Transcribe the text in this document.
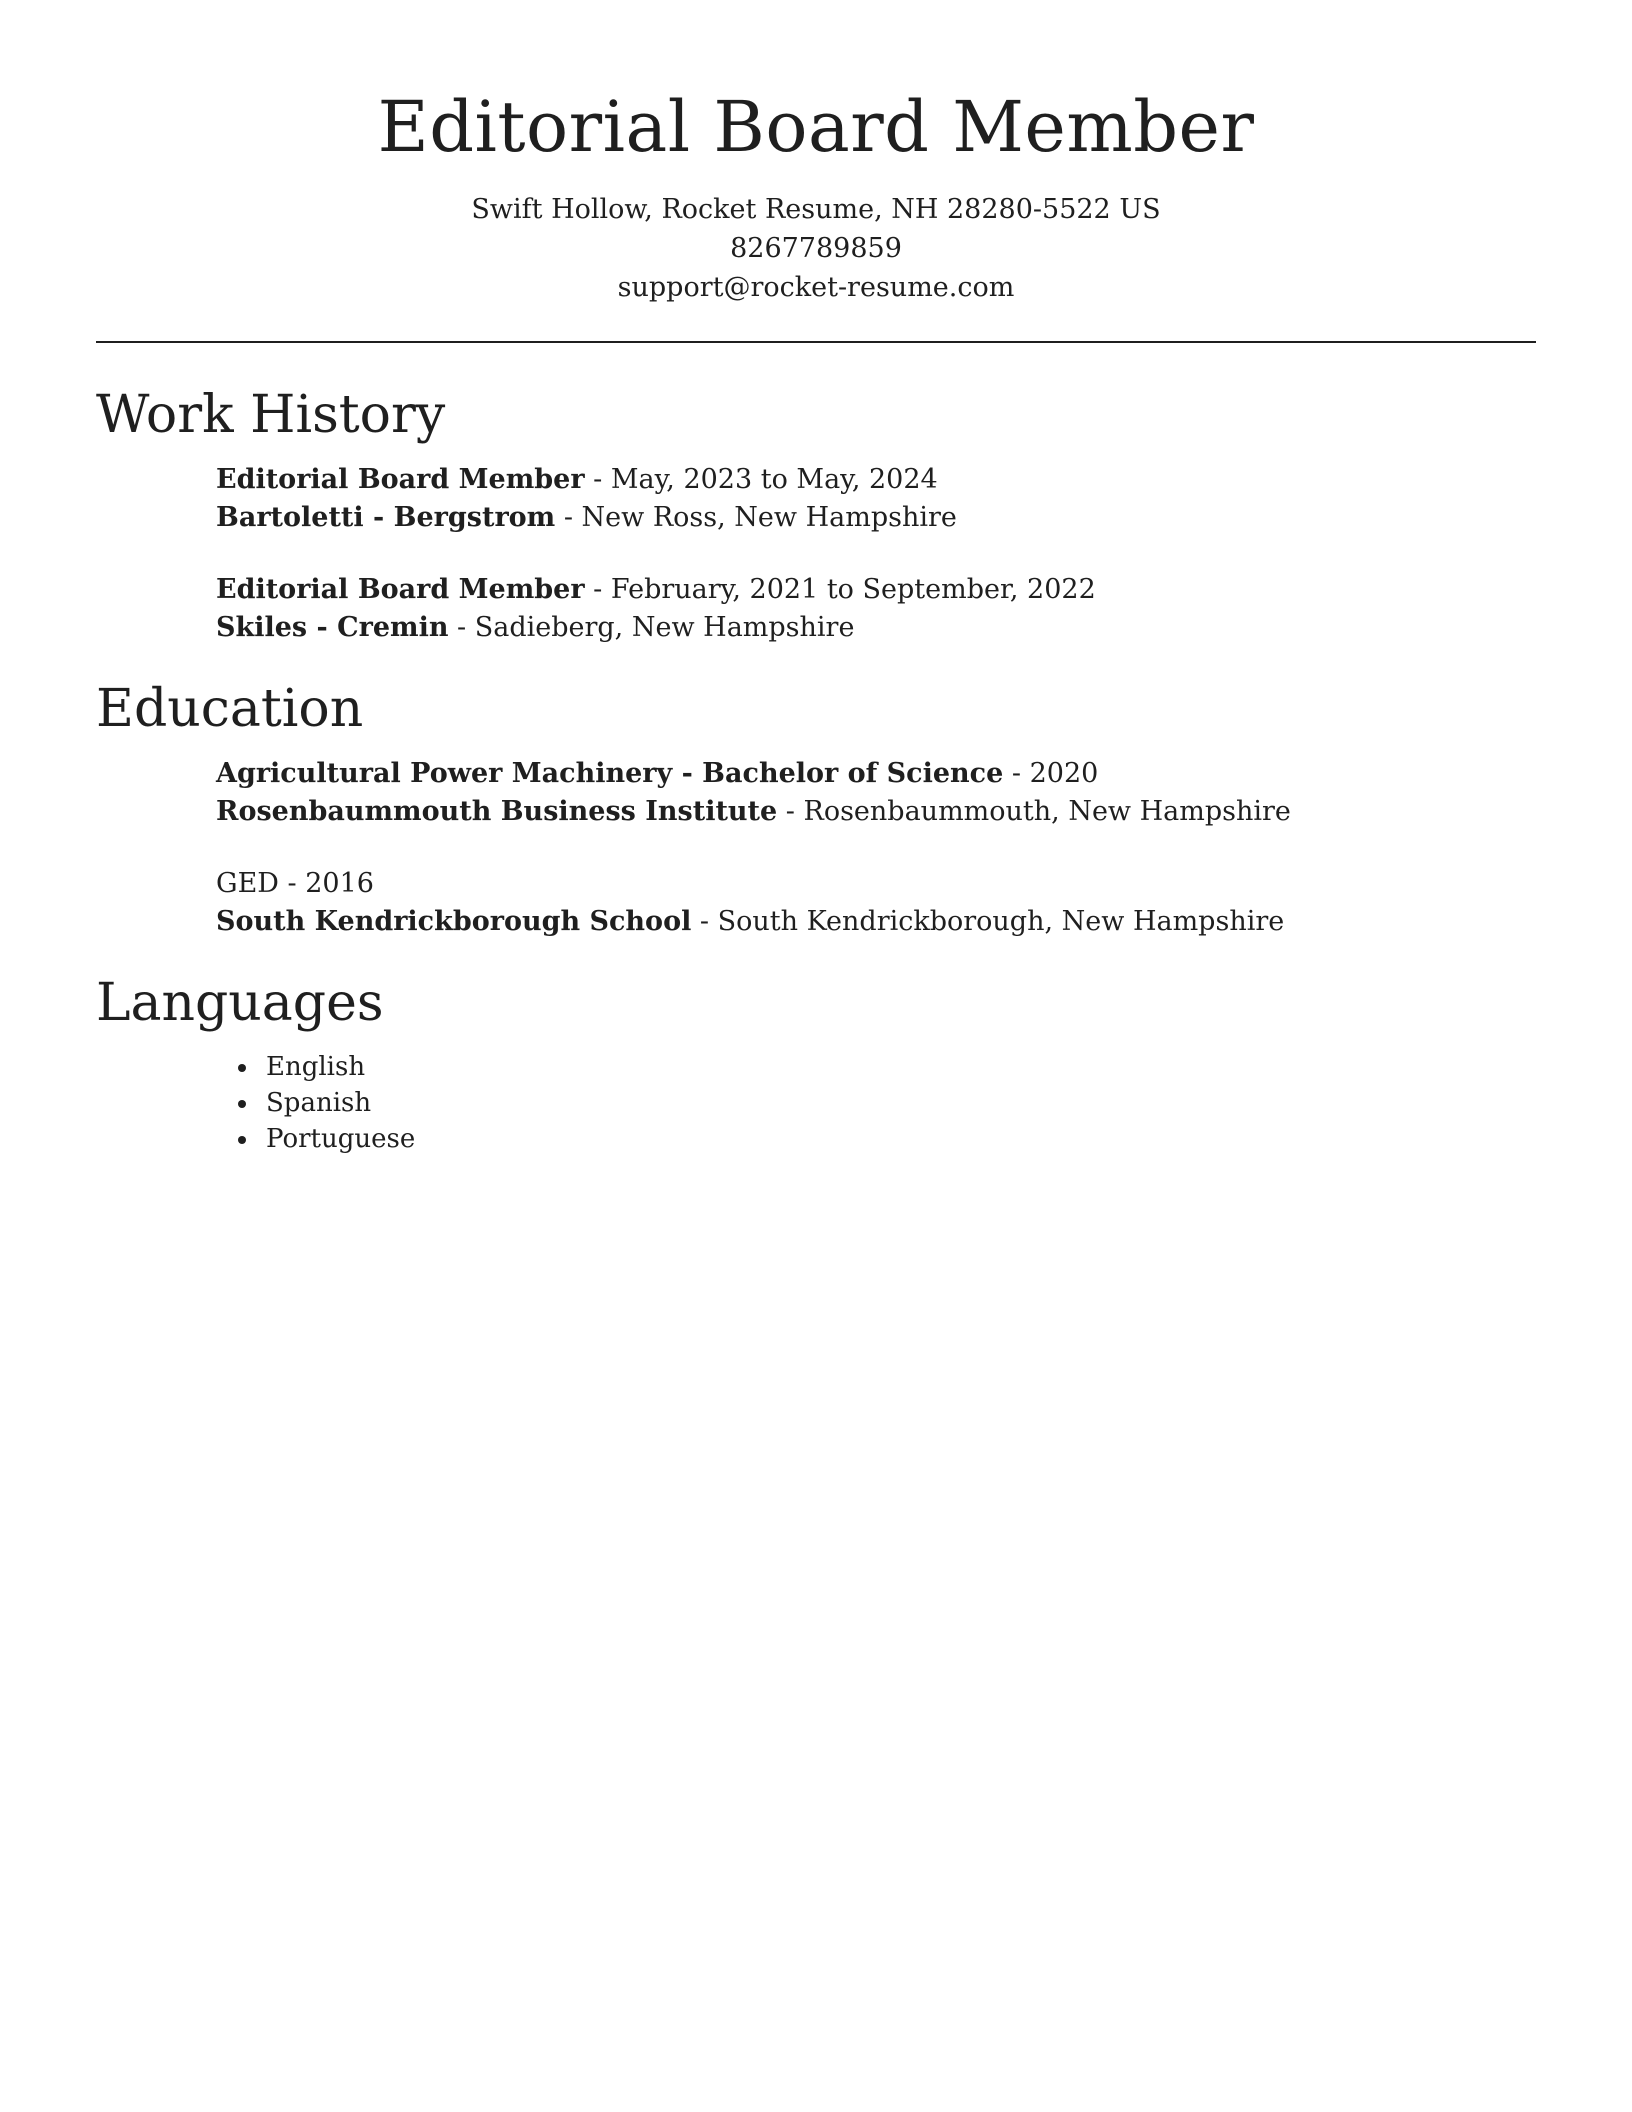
Editorial Board Member
Swift Hollow, Rocket Resume, NH 28280-5522 US
8267789859
support@rocket-resume.com
Work History
Editorial Board Member - May, 2023 to May, 2024
Bartoletti - Bergstrom - New Ross, New Hampshire
Editorial Board Member - February, 2021 to September, 2022
Skiles - Cremin - Sadieberg, New Hampshire
Education
Agricultural Power Machinery - Bachelor of Science - 2020
Rosenbaummouth Business Institute - Rosenbaummouth, New Hampshire
GED - 2016
South Kendrickborough School - South Kendrickborough, New Hampshire
Languages
• English
• Spanish
• Portuguese
